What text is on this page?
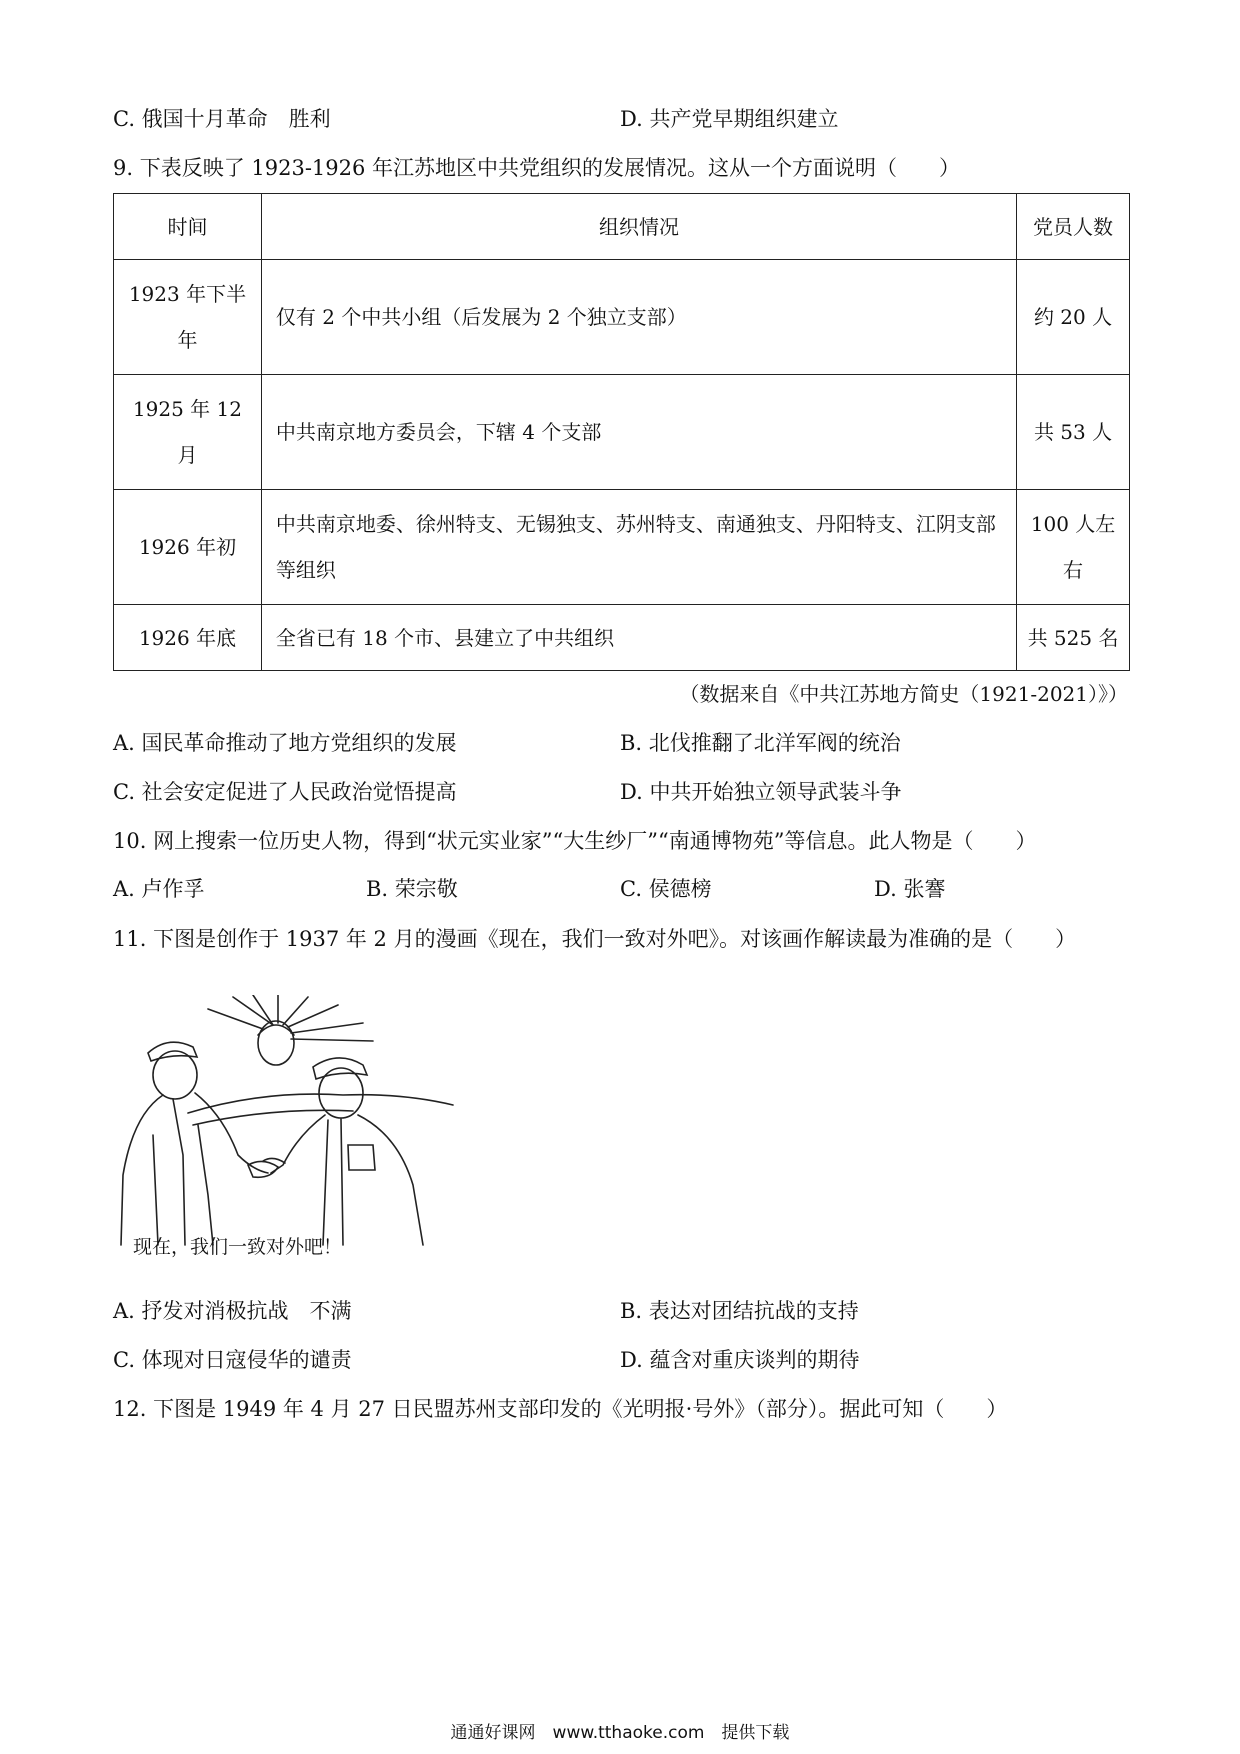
C. 俄国十月革命　胜利	D. 共产党早期组织建立
9. 下表反映了 1923-1926 年江苏地区中共党组织的发展情况。这从一个方面说明（　　）
时间	组织情况	党员人数
1923 年下半年	仅有 2 个中共小组（后发展为 2 个独立支部）	约 20 人
1925 年 12 月	中共南京地方委员会，下辖 4 个支部	共 53 人
1926 年初	中共南京地委、徐州特支、无锡独支、苏州特支、南通独支、丹阳特支、江阴支部等组织	100 人左右
1926 年底	全省已有 18 个市、县建立了中共组织	共 525 名
（数据来自《中共江苏地方简史（1921-2021）》）
A. 国民革命推动了地方党组织的发展	B. 北伐推翻了北洋军阀的统治
C. 社会安定促进了人民政治觉悟提高	D. 中共开始独立领导武装斗争
10. 网上搜索一位历史人物，得到“状元实业家”“大生纱厂”“南通博物苑”等信息。此人物是（　　）
A. 卢作孚	B. 荣宗敬	C. 侯德榜	D. 张謇
11. 下图是创作于 1937 年 2 月的漫画《现在，我们一致对外吧》。对该画作解读最为准确的是（　　）
现在，我们一致对外吧！
A. 抒发对消极抗战　不满	B. 表达对团结抗战的支持
C. 体现对日寇侵华的谴责	D. 蕴含对重庆谈判的期待
12. 下图是 1949 年 4 月 27 日民盟苏州支部印发的《光明报·号外》（部分）。据此可知（　　）
通通好课网　www.tthaoke.com　提供下载
